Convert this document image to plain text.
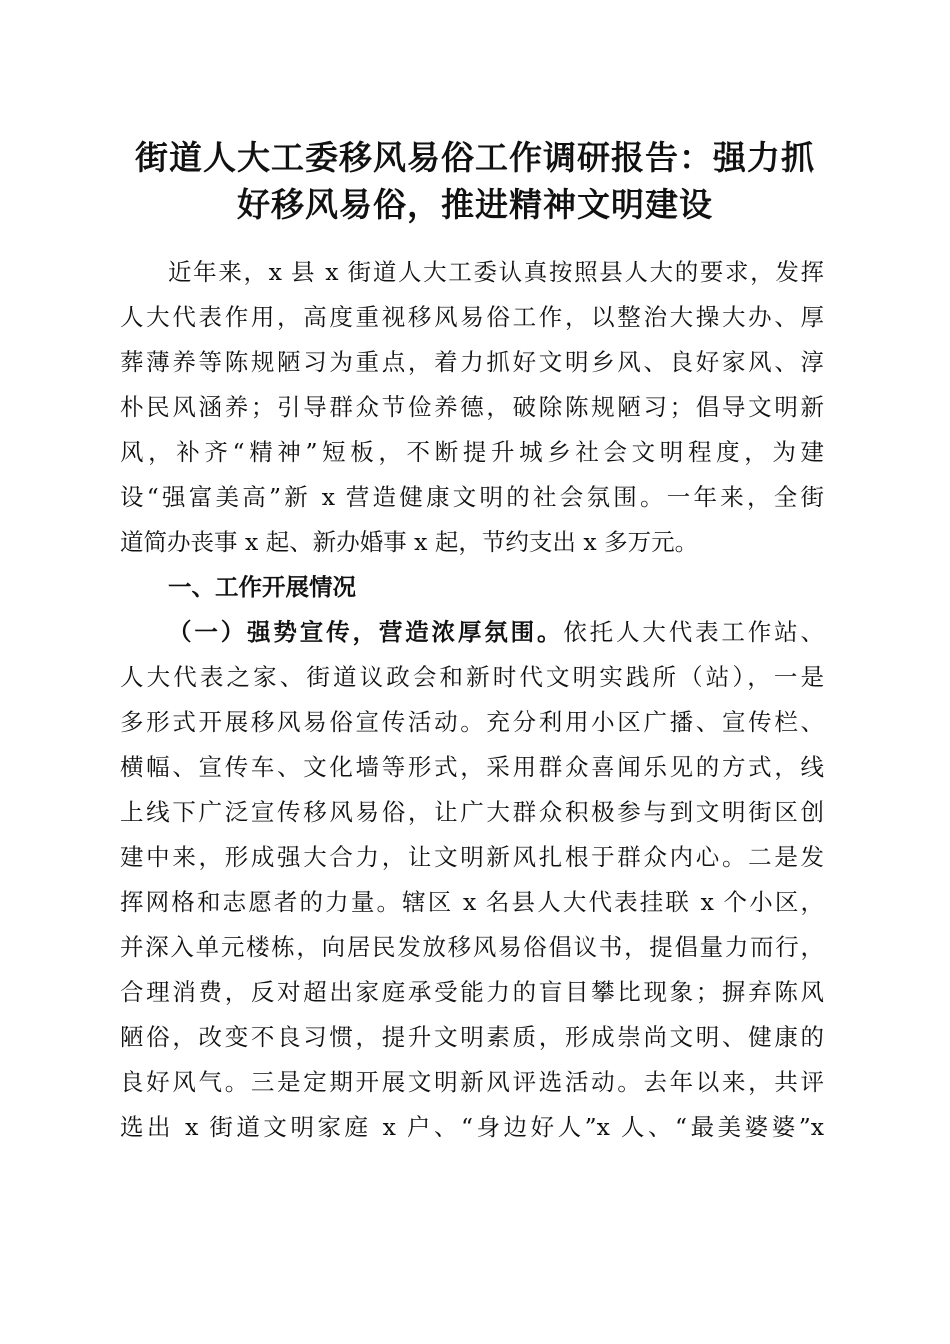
街道人大工委移风易俗工作调研报告：强力抓
好移风易俗，推进精神文明建设
近年来，x 县 x 街道人大工委认真按照县人大的要求，发挥
人大代表作用，高度重视移风易俗工作，以整治大操大办、厚
葬薄养等陈规陋习为重点，着力抓好文明乡风、良好家风、淳
朴民风涵养；引导群众节俭养德，破除陈规陋习；倡导文明新
风，补齐“精神”短板，不断提升城乡社会文明程度，为建
设“强富美高”新 x 营造健康文明的社会氛围。一年来，全街
道简办丧事 x 起、新办婚事 x 起，节约支出 x 多万元。
一、工作开展情况
（一）强势宣传，营造浓厚氛围。依托人大代表工作站、
人大代表之家、街道议政会和新时代文明实践所（站），一是
多形式开展移风易俗宣传活动。充分利用小区广播、宣传栏、
横幅、宣传车、文化墙等形式，采用群众喜闻乐见的方式，线
上线下广泛宣传移风易俗，让广大群众积极参与到文明街区创
建中来，形成强大合力，让文明新风扎根于群众内心。二是发
挥网格和志愿者的力量。辖区 x 名县人大代表挂联 x 个小区，
并深入单元楼栋，向居民发放移风易俗倡议书，提倡量力而行，
合理消费，反对超出家庭承受能力的盲目攀比现象；摒弃陈风
陋俗，改变不良习惯，提升文明素质，形成崇尚文明、健康的
良好风气。三是定期开展文明新风评选活动。去年以来，共评
选出 x 街道文明家庭 x 户、“身边好人”x 人、“最美婆婆”x
